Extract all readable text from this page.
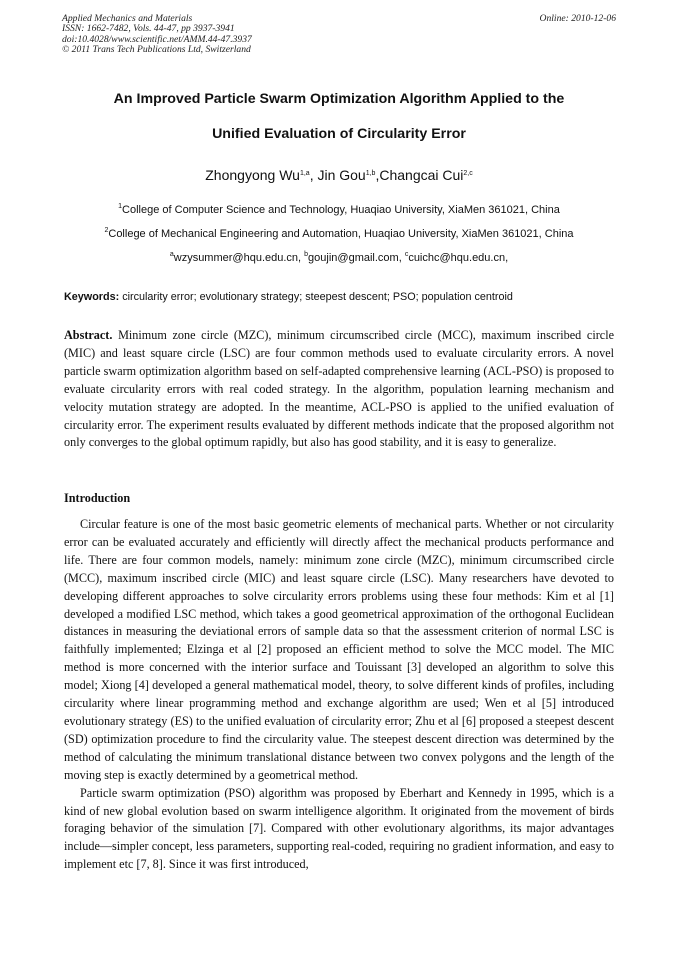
Applied Mechanics and Materials
ISSN: 1662-7482, Vols. 44-47, pp 3937-3941
doi:10.4028/www.scientific.net/AMM.44-47.3937
© 2011 Trans Tech Publications Ltd, Switzerland
Online: 2010-12-06
An Improved Particle Swarm Optimization Algorithm Applied to the
Unified Evaluation of Circularity Error
Zhongyong Wu$^{1,a}$, Jin Gou$^{1,b}$,Changcai Cui$^{2,c}$
$^1$College of Computer Science and Technology, Huaqiao University, XiaMen 361021, China
$^2$College of Mechanical Engineering and Automation, Huaqiao University, XiaMen 361021, China
$^a$wzysummer@hqu.edu.cn, $^b$goujin@gmail.com, $^c$cuichc@hqu.edu.cn,
Keywords: circularity error; evolutionary strategy; steepest descent; PSO; population centroid
Abstract. Minimum zone circle (MZC), minimum circumscribed circle (MCC), maximum inscribed circle (MIC) and least square circle (LSC) are four common methods used to evaluate circularity errors. A novel particle swarm optimization algorithm based on self-adapted comprehensive learning (ACL-PSO) is proposed to evaluate circularity errors with real coded strategy. In the algorithm, population learning mechanism and velocity mutation strategy are adopted. In the meantime, ACL-PSO is applied to the unified evaluation of circularity error. The experiment results evaluated by different methods indicate that the proposed algorithm not only converges to the global optimum rapidly, but also has good stability, and it is easy to generalize.
Introduction

Circular feature is one of the most basic geometric elements of mechanical parts. Whether or not circularity error can be evaluated accurately and efficiently will directly affect the mechanical products performance and life. There are four common models, namely: minimum zone circle (MZC), minimum circumscribed circle (MCC), maximum inscribed circle (MIC) and least square circle (LSC). Many researchers have devoted to developing different approaches to solve circularity errors problems using these four methods: Kim et al [1] developed a modified LSC method, which takes a good geometrical approximation of the orthogonal Euclidean distances in measuring the deviational errors of sample data so that the assessment criterion of normal LSC is faithfully implemented; Elzinga et al [2] proposed an efficient method to solve the MCC model. The MIC method is more concerned with the interior surface and Touissant [3] developed an algorithm to solve this model; Xiong [4] developed a general mathematical model, theory, to solve different kinds of profiles, including circularity where linear programming method and exchange algorithm are used; Wen et al [5] introduced evolutionary strategy (ES) to the unified evaluation of circularity error; Zhu et al [6] proposed a steepest descent (SD) optimization procedure to find the circularity value. The steepest descent direction was determined by the method of calculating the minimum translational distance between two convex polygons and the length of the moving step is exactly determined by a geometrical method.

Particle swarm optimization (PSO) algorithm was proposed by Eberhart and Kennedy in 1995, which is a kind of new global evolution based on swarm intelligence algorithm. It originated from the movement of birds foraging behavior of the simulation [7]. Compared with other evolutionary algorithms, its major advantages include—simpler concept, less parameters, supporting real-coded, requiring no gradient information, and easy to implement etc [7, 8]. Since it was first introduced,
